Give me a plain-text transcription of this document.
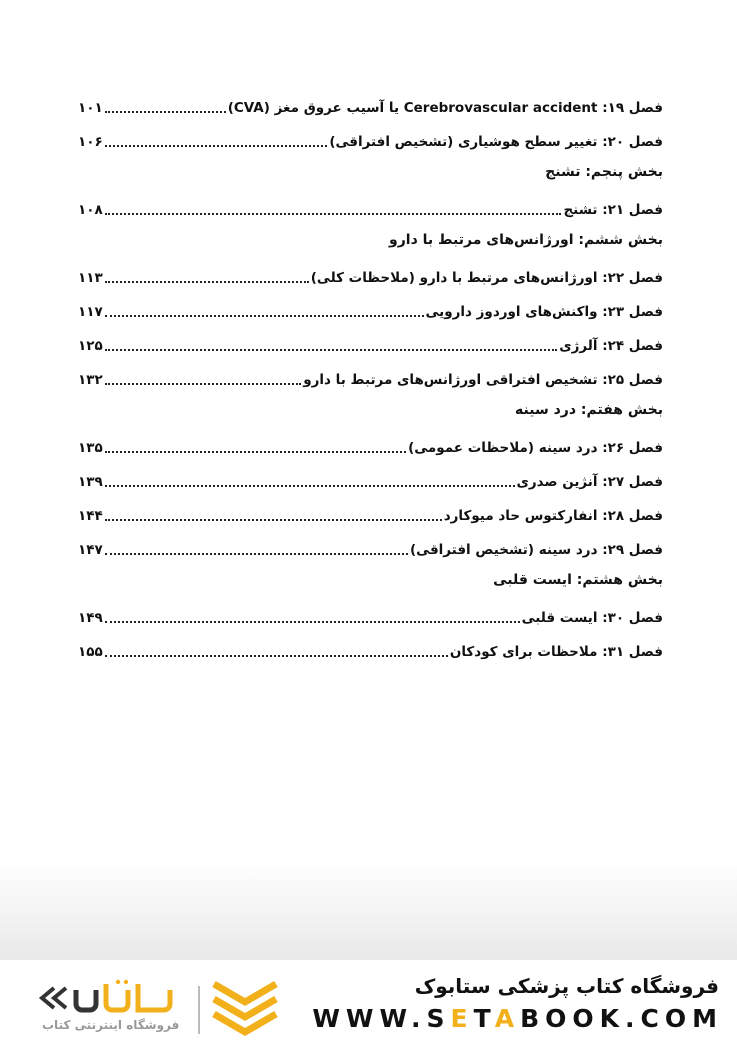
فصل ۱۹: Cerebrovascular accident یا آسیب عروق مغز (CVA)
۱۰۱
فصل ۲۰: تغییر سطح هوشیاری (تشخیص افتراقی)
۱۰۶
بخش پنجم: تشنج
فصل ۲۱: تشنج
۱۰۸
بخش ششم: اورژانس‌های مرتبط با دارو
فصل ۲۲: اورژانس‌های مرتبط با دارو (ملاحظات کلی)
۱۱۳
فصل ۲۳: واکنش‌های اوردوز دارویی
۱۱۷
فصل ۲۴: آلرژی
۱۲۵
فصل ۲۵: تشخیص افتراقی اورژانس‌های مرتبط با دارو
۱۳۲
بخش هفتم: درد سینه
فصل ۲۶: درد سینه (ملاحظات عمومی)
۱۳۵
فصل ۲۷: آنژین صدری
۱۳۹
فصل ۲۸: انفارکتوس حاد میوکارد
۱۴۴
فصل ۲۹: درد سینه (تشخیص افتراقی)
۱۴۷
بخش هشتم: ایست قلبی
فصل ۳۰: ایست قلبی
۱۴۹
فصل ۳۱: ملاحظات برای کودکان
۱۵۵
فروشگاه کتاب پزشکی ستابوک
WWW.SETABOOK.COM
فروشگاه اینترنتی کتاب
